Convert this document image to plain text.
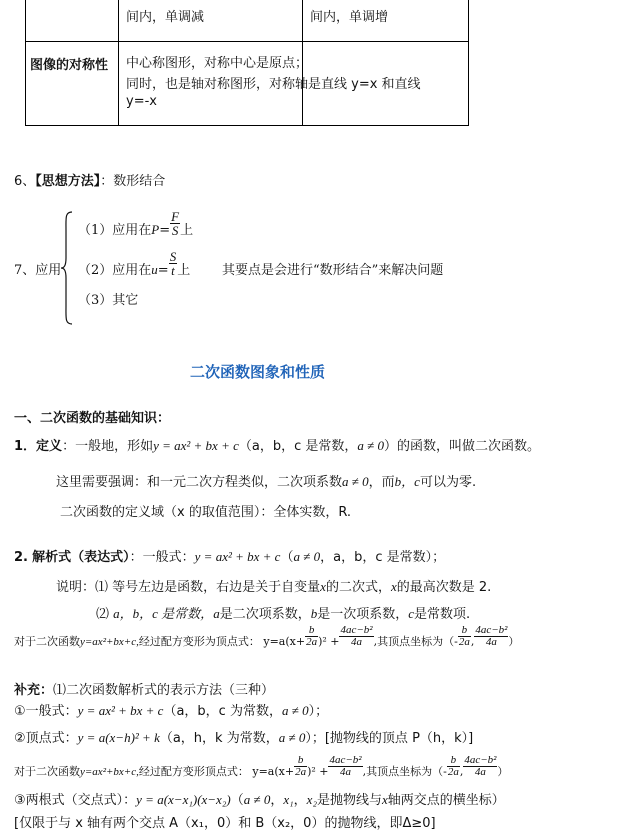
间内，单调减	间内，单调增
图像的对称性 中心称图形，对称中心是原点；
同时，也是轴对称图形，对称轴是直线 y=x 和直线
y=-x
6、【思想方法】：数形结合
7、应用
（1）应用在$P= \frac{F}{S}$ 上
（2）应用在$u= \frac{S}{t}$ 上 其要点是会进行“数形结合”来解决问题
（3）其它
二次函数图象和性质
一、二次函数的基础知识：
1．定义：一般地，形如y = ax² + bx + c（a，b，c 是常数，a ≠ 0）的函数，叫做二次函数。
这里需要强调：和一元二次方程类似，二次项系数a ≠ 0，而b，c可以为零.
二次函数的定义域（x 的取值范围）：全体实数，R.
2. 解析式（表达式）：一般式：y = ax² + bx + c（a ≠ 0，a，b，c 是常数）；
说明：⑴ 等号左边是函数，右边是关于自变量x的二次式，x的最高次数是 2.
⑵ a，b，c 是常数，a是二次项系数，b是一次项系数，c是常数项.
对于二次函数y=ax²+bx+c,经过配方变形为顶点式： $y=a(x+ \frac{b}{2a} )^2 + \frac{\text{4ac−b²}}{4a}$ ,其顶点坐标为（- $\frac{b}{2a}$ , $\frac{\text{4ac−b²}}{4a}$ ）
补充：⑴二次函数解析式的表示方法（三种）
①一般式：y = ax² + bx + c（a，b，c 为常数，a ≠ 0）；
②顶点式：y = a(x−h)² + k（a，h，k 为常数，a ≠ 0）；[抛物线的顶点 P（h，k）]
对于二次函数y=ax²+bx+c,经过配方变形顶点式： $y=a(x+ \frac{b}{2a} )^2 + \frac{\text{4ac−b²}}{4a}$ ,其顶点坐标为（- $\frac{b}{2a}$ , $\frac{\text{4ac−b²}}{4a}$ ）
③两根式（交点式）：y = a(x−x₁)(x−x₂)（a ≠ 0，x₁，x₂是抛物线与x轴两交点的横坐标）
[仅限于与 x 轴有两个交点 A（x₁，0）和 B（x₂，0）的抛物线，即Δ≥0]
